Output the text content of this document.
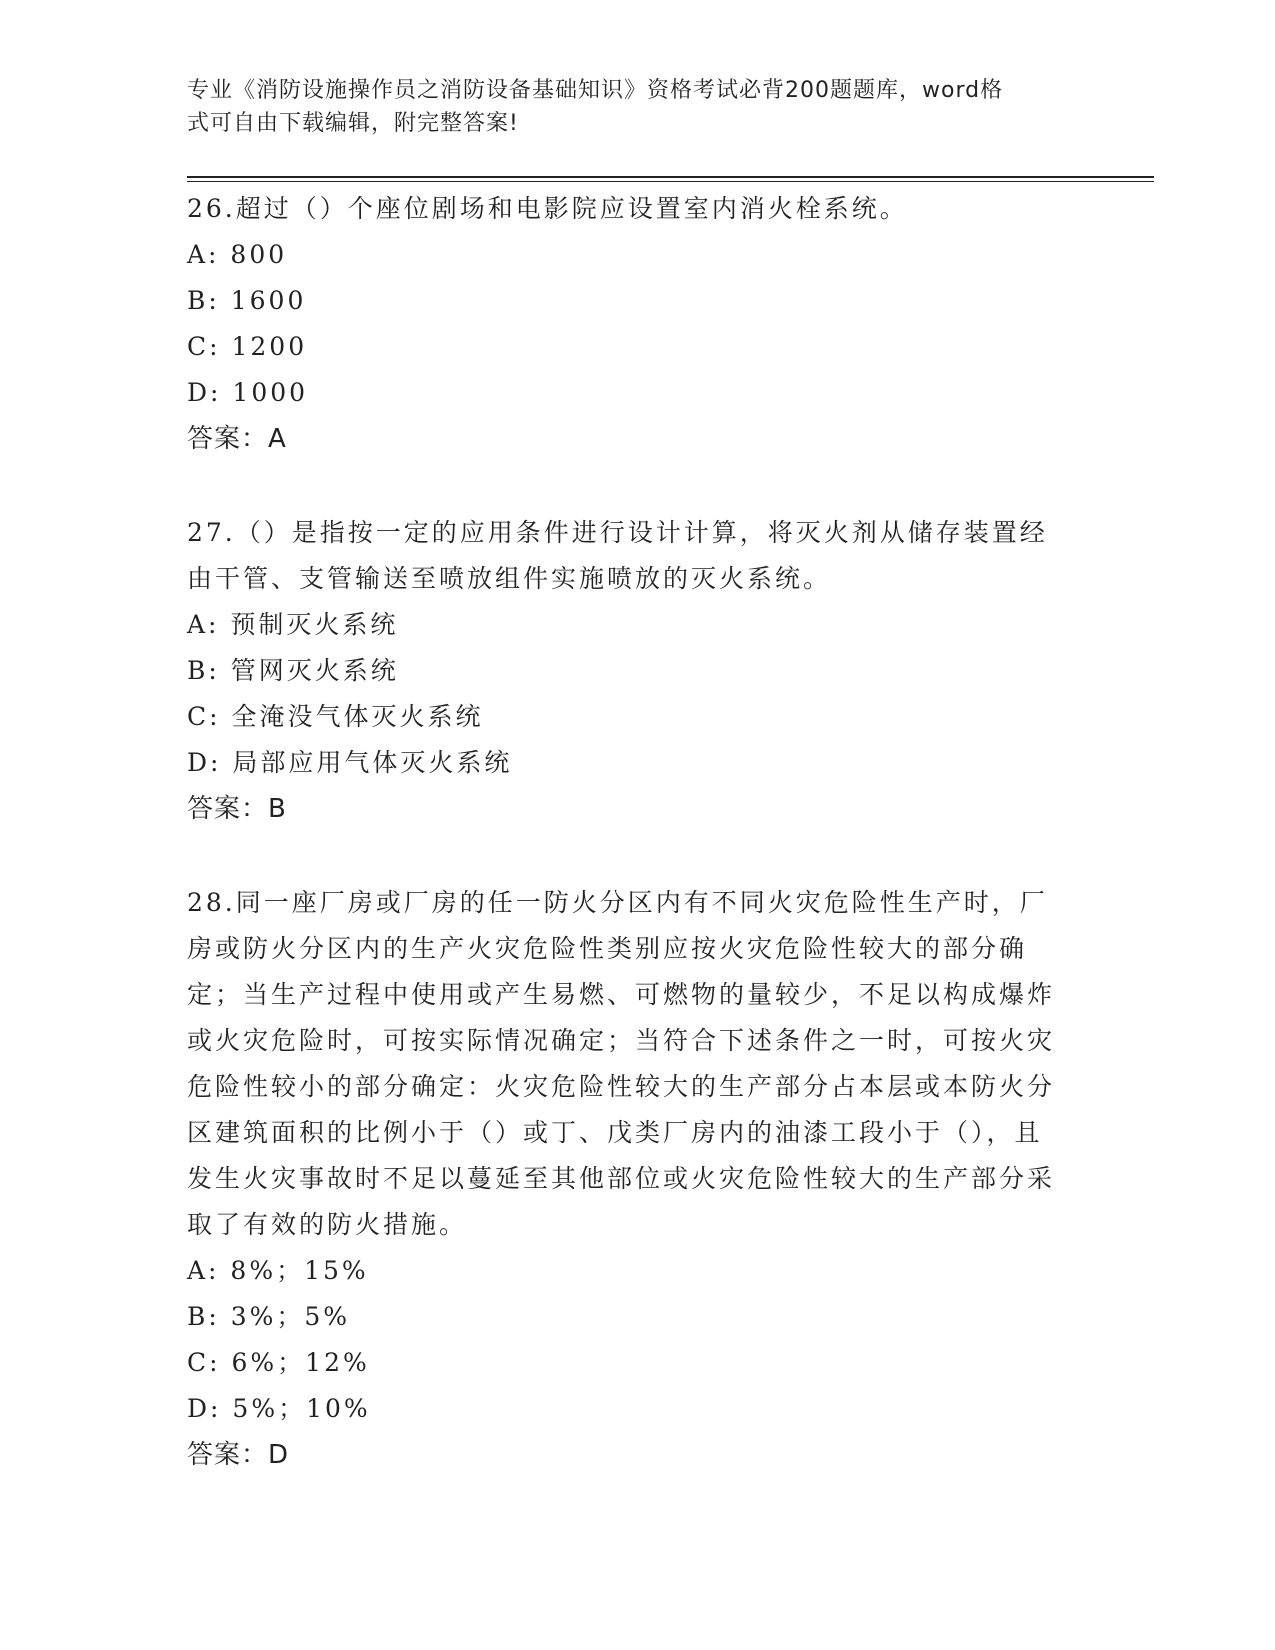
专业《消防设施操作员之消防设备基础知识》资格考试必背200题题库，word格
式可自由下载编辑，附完整答案!

26.超过（）个座位剧场和电影院应设置室内消火栓系统。

A: 800

B: 1600

C: 1200

D: 1000

答案：A

27.（）是指按一定的应用条件进行设计计算，将灭火剂从储存装置经由干管、支管输送至喷放组件实施喷放的灭火系统。

A: 预制灭火系统

B: 管网灭火系统

C: 全淹没气体灭火系统

D: 局部应用气体灭火系统

答案：B

28.同一座厂房或厂房的任一防火分区内有不同火灾危险性生产时，厂房或防火分区内的生产火灾危险性类别应按火灾危险性较大的部分确定；当生产过程中使用或产生易燃、可燃物的量较少，不足以构成爆炸或火灾危险时，可按实际情况确定；当符合下述条件之一时，可按火灾危险性较小的部分确定：火灾危险性较大的生产部分占本层或本防火分区建筑面积的比例小于（）或丁、戊类厂房内的油漆工段小于（），且发生火灾事故时不足以蔓延至其他部位或火灾危险性较大的生产部分采取了有效的防火措施。

A: 8%；15%

B: 3%；5%

C: 6%；12%

D: 5%；10%

答案：D
